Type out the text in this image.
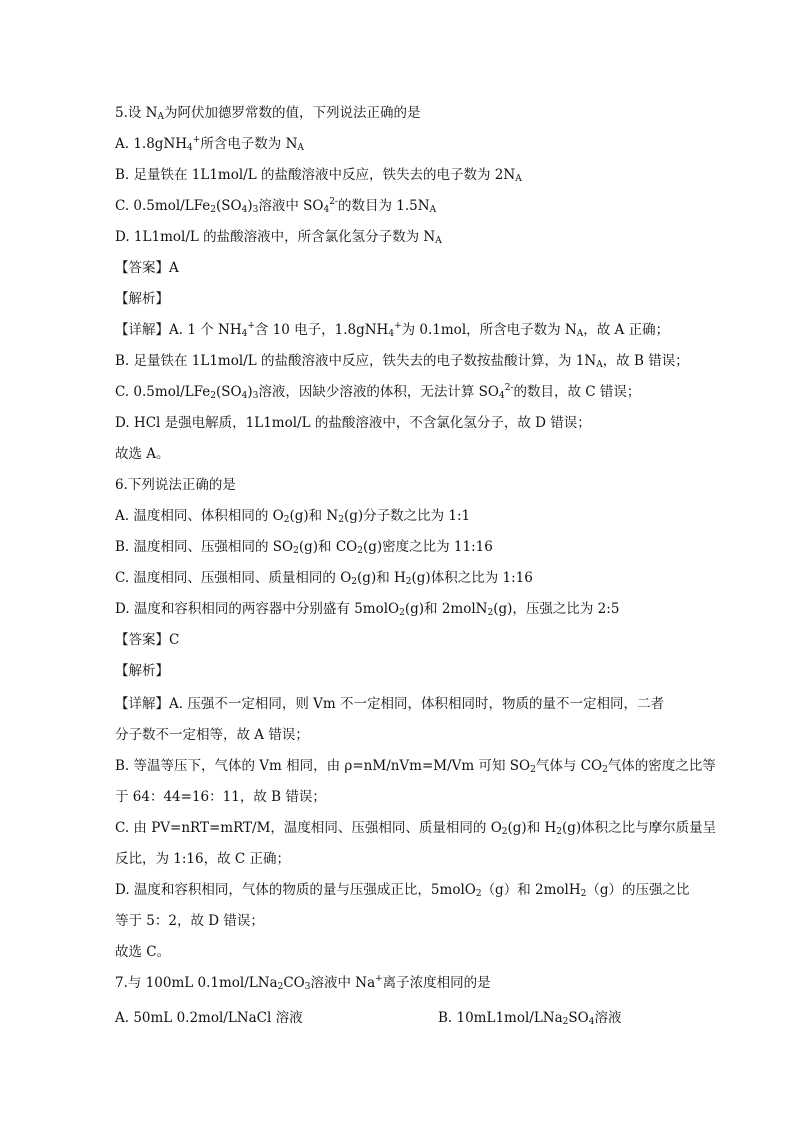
5.设 $N_A$为阿伏加德罗常数的值，下列说法正确的是
A. 1.8gNH$_4$+所含电子数为 $N_A$
B. 足量铁在 1L1mol/L 的盐酸溶液中反应，铁失去的电子数为 $2N_A$
C. $0.5mol/LFe_2(SO_4)_3$溶液中 $SO_4^{2-}$的数目为 $1.5N_A$
D. 1L1mol/L 的盐酸溶液中，所含氯化氢分子数为 $N_A$
【答案】A
【解析】
【详解】A. 1 个 $NH_4^+$含 10 电子，1.8gNH$_4$+为 0.1mol，所含电子数为 $N_A$，故 A 正确；
B. 足量铁在 1L1mol/L 的盐酸溶液中反应，铁失去的电子数按盐酸计算，为 $1N_A$，故 B 错误；
C. $0.5mol/LFe_2(SO_4)_3$溶液，因缺少溶液的体积，无法计算 $SO_4^{2-}$的数目，故 C 错误；
D. HCl 是强电解质，1L1mol/L 的盐酸溶液中，不含氯化氢分子，故 D 错误；
故选 A。
6.下列说法正确的是
A. 温度相同、体积相同的 $O_2(g)$和 $N_2(g)$分子数之比为 1:1
B. 温度相同、压强相同的 $SO_2(g)$和 $CO_2(g)$密度之比为 11:16
C. 温度相同、压强相同、质量相同的 $O_2(g)$和 $H_2(g)$体积之比为 1:16
D. 温度和容积相同的两容器中分别盛有 5molO$_2$(g)和 2molN$_2$(g)，压强之比为 2:5
【答案】C
【解析】
【详解】A. 压强不一定相同，则 Vm 不一定相同，体积相同时，物质的量不一定相同，二者
分子数不一定相等，故 A 错误；
B. 等温等压下，气体的 Vm 相同，由 ρ=nM/nVm=M/Vm 可知 $SO_2$气体与 $CO_2$气体的密度之比等
于 64：44=16：11，故 B 错误；
C. 由 PV=nRT=mRT/M，温度相同、压强相同、质量相同的 $O_2(g)$和 $H_2(g)$体积之比与摩尔质量呈
反比，为 1:16，故 C 正确；
D. 温度和容积相同，气体的物质的量与压强成正比，5molO$_2$（g）和 2molH$_2$（g）的压强之比
等于 5：2，故 D 错误；
故选 C。
7.与 100mL $0.1mol/LNa_2CO_3$溶液中 Na+离子浓度相同的是
A. 50mL 0.2mol/LNaCl 溶液	B. $10mL1mol/LNa_2SO_4$溶液
